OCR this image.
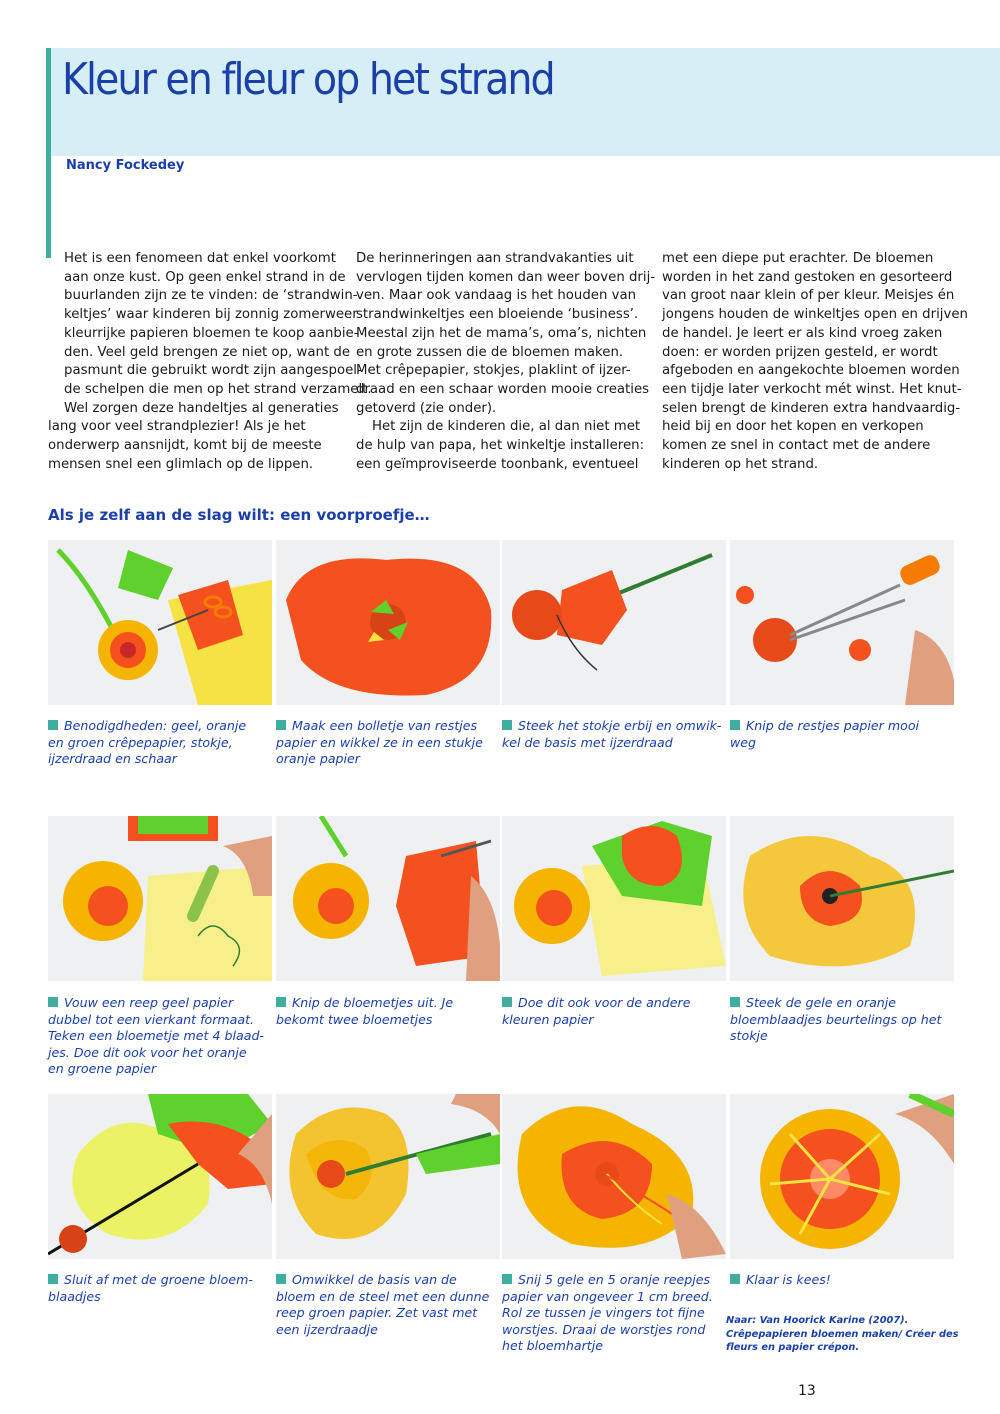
Kleur en fleur op het strand
Nancy Fockedey

Het is een fenomeen dat enkel voorkomt
aan onze kust. Op geen enkel strand in de
buurlanden zijn ze te vinden: de ‘strandwin-
keltjes’ waar kinderen bij zonnig zomerweer
kleurrijke papieren bloemen te koop aanbie-
den. Veel geld brengen ze niet op, want de
pasmunt die gebruikt wordt zijn aangespoel-
de schelpen die men op het strand verzamelt.

Wel zorgen deze handeltjes al generaties
lang voor veel strandplezier! Als je het
onderwerp aansnijdt, komt bij de meeste
mensen snel een glimlach op de lippen.

De herinneringen aan strandvakanties uit
vervlogen tijden komen dan weer boven drij-
ven. Maar ook vandaag is het houden van
strandwinkeltjes een bloeiende ‘business’.
Meestal zijn het de mama’s, oma’s, nichten
en grote zussen die de bloemen maken.
Met crêpepapier, stokjes, plaklint of ijzer-
draad en een schaar worden mooie creaties
getoverd (zie onder).

Het zijn de kinderen die, al dan niet met
de hulp van papa, het winkeltje installeren:
een geïmproviseerde toonbank, eventueel

met een diepe put erachter. De bloemen
worden in het zand gestoken en gesorteerd
van groot naar klein of per kleur. Meisjes én
jongens houden de winkeltjes open en drijven
de handel. Je leert er als kind vroeg zaken
doen: er worden prijzen gesteld, er wordt
afgeboden en aangekochte bloemen worden
een tijdje later verkocht mét winst. Het knut-
selen brengt de kinderen extra handvaardig-
heid bij en door het kopen en verkopen
komen ze snel in contact met de andere
kinderen op het strand.

Als je zelf aan de slag wilt: een voorproefje…
Benodigdheden: geel, oranje
en groen crêpepapier, stokje,
ijzerdraad en schaar
Maak een bolletje van restjes
papier en wikkel ze in een stukje
oranje papier
Steek het stokje erbij en omwik-
kel de basis met ijzerdraad
Knip de restjes papier mooi
weg
Vouw een reep geel papier
dubbel tot een vierkant formaat.
Teken een bloemetje met 4 blaad-
jes. Doe dit ook voor het oranje
en groene papier
Knip de bloemetjes uit. Je
bekomt twee bloemetjes
Doe dit ook voor de andere
kleuren papier
Steek de gele en oranje
bloemblaadjes beurtelings op het
stokje
Sluit af met de groene bloem-
blaadjes
Omwikkel de basis van de
bloem en de steel met een dunne
reep groen papier. Zet vast met
een ijzerdraadje
Snij 5 gele en 5 oranje reepjes
papier van ongeveer 1 cm breed.
Rol ze tussen je vingers tot fijne
worstjes. Draai de worstjes rond
het bloemhartje
Klaar is kees!
Naar: Van Hoorick Karine (2007).
Crêpepapieren bloemen maken/ Créer des
fleurs en papier crépon.
13
